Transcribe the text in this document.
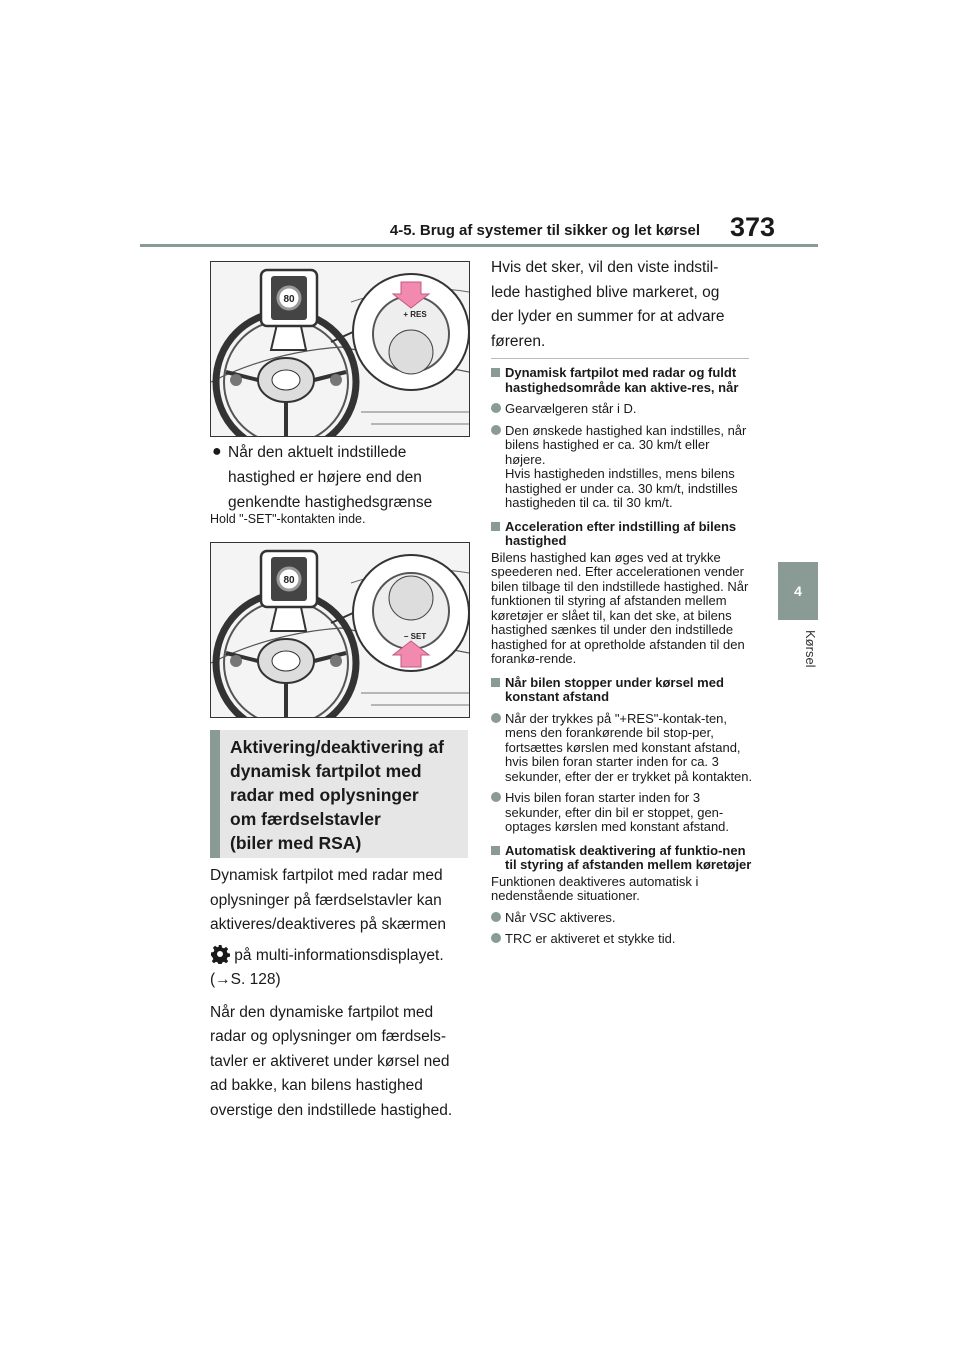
4-5. Brug af systemer til sikker og let kørsel 373
4
Kørsel
80
+ RES
● Når den aktuelt indstillede
hastighed er højere end den
genkendte hastighedsgrænse
Hold "-SET"-kontakten inde.
80
− SET
Aktivering/deaktivering af
dynamisk fartpilot med
radar med oplysninger
om færdselstavler
(biler med RSA)
Dynamisk fartpilot med radar med
oplysninger på færdselstavler kan
aktiveres/deaktiveres på skærmen
på multi-informationsdisplayet.
(→S. 128)
Når den dynamiske fartpilot med
radar og oplysninger om færdsels-
tavler er aktiveret under kørsel ned
ad bakke, kan bilens hastighed
overstige den indstillede hastighed.
Hvis det sker, vil den viste indstil-
lede hastighed blive markeret, og
der lyder en summer for at advare
føreren.
Dynamisk fartpilot med radar og fuldt hastighedsområde kan aktive-res, når
Gearvælgeren står i D.
Den ønskede hastighed kan indstilles, når bilens hastighed er ca. 30 km/t eller højere.
Hvis hastigheden indstilles, mens bilens hastighed er under ca. 30 km/t, indstilles hastigheden til ca. til 30 km/t.
Acceleration efter indstilling af bilens hastighed
Bilens hastighed kan øges ved at trykke speederen ned. Efter accelerationen vender bilen tilbage til den indstillede hastighed. Når funktionen til styring af afstanden mellem køretøjer er slået til, kan det ske, at bilens hastighed sænkes til under den indstillede hastighed for at opretholde afstanden til den forankø-rende.
Når bilen stopper under kørsel med konstant afstand
Når der trykkes på "+RES"-kontak-ten, mens den forankørende bil stop-per, fortsættes kørslen med konstant afstand, hvis bilen foran starter inden for ca. 3 sekunder, efter der er trykket på kontakten.
Hvis bilen foran starter inden for 3 sekunder, efter din bil er stoppet, gen-optages kørslen med konstant afstand.
Automatisk deaktivering af funktio-nen til styring af afstanden mellem køretøjer
Funktionen deaktiveres automatisk i nedenstående situationer.
Når VSC aktiveres.
TRC er aktiveret et stykke tid.
